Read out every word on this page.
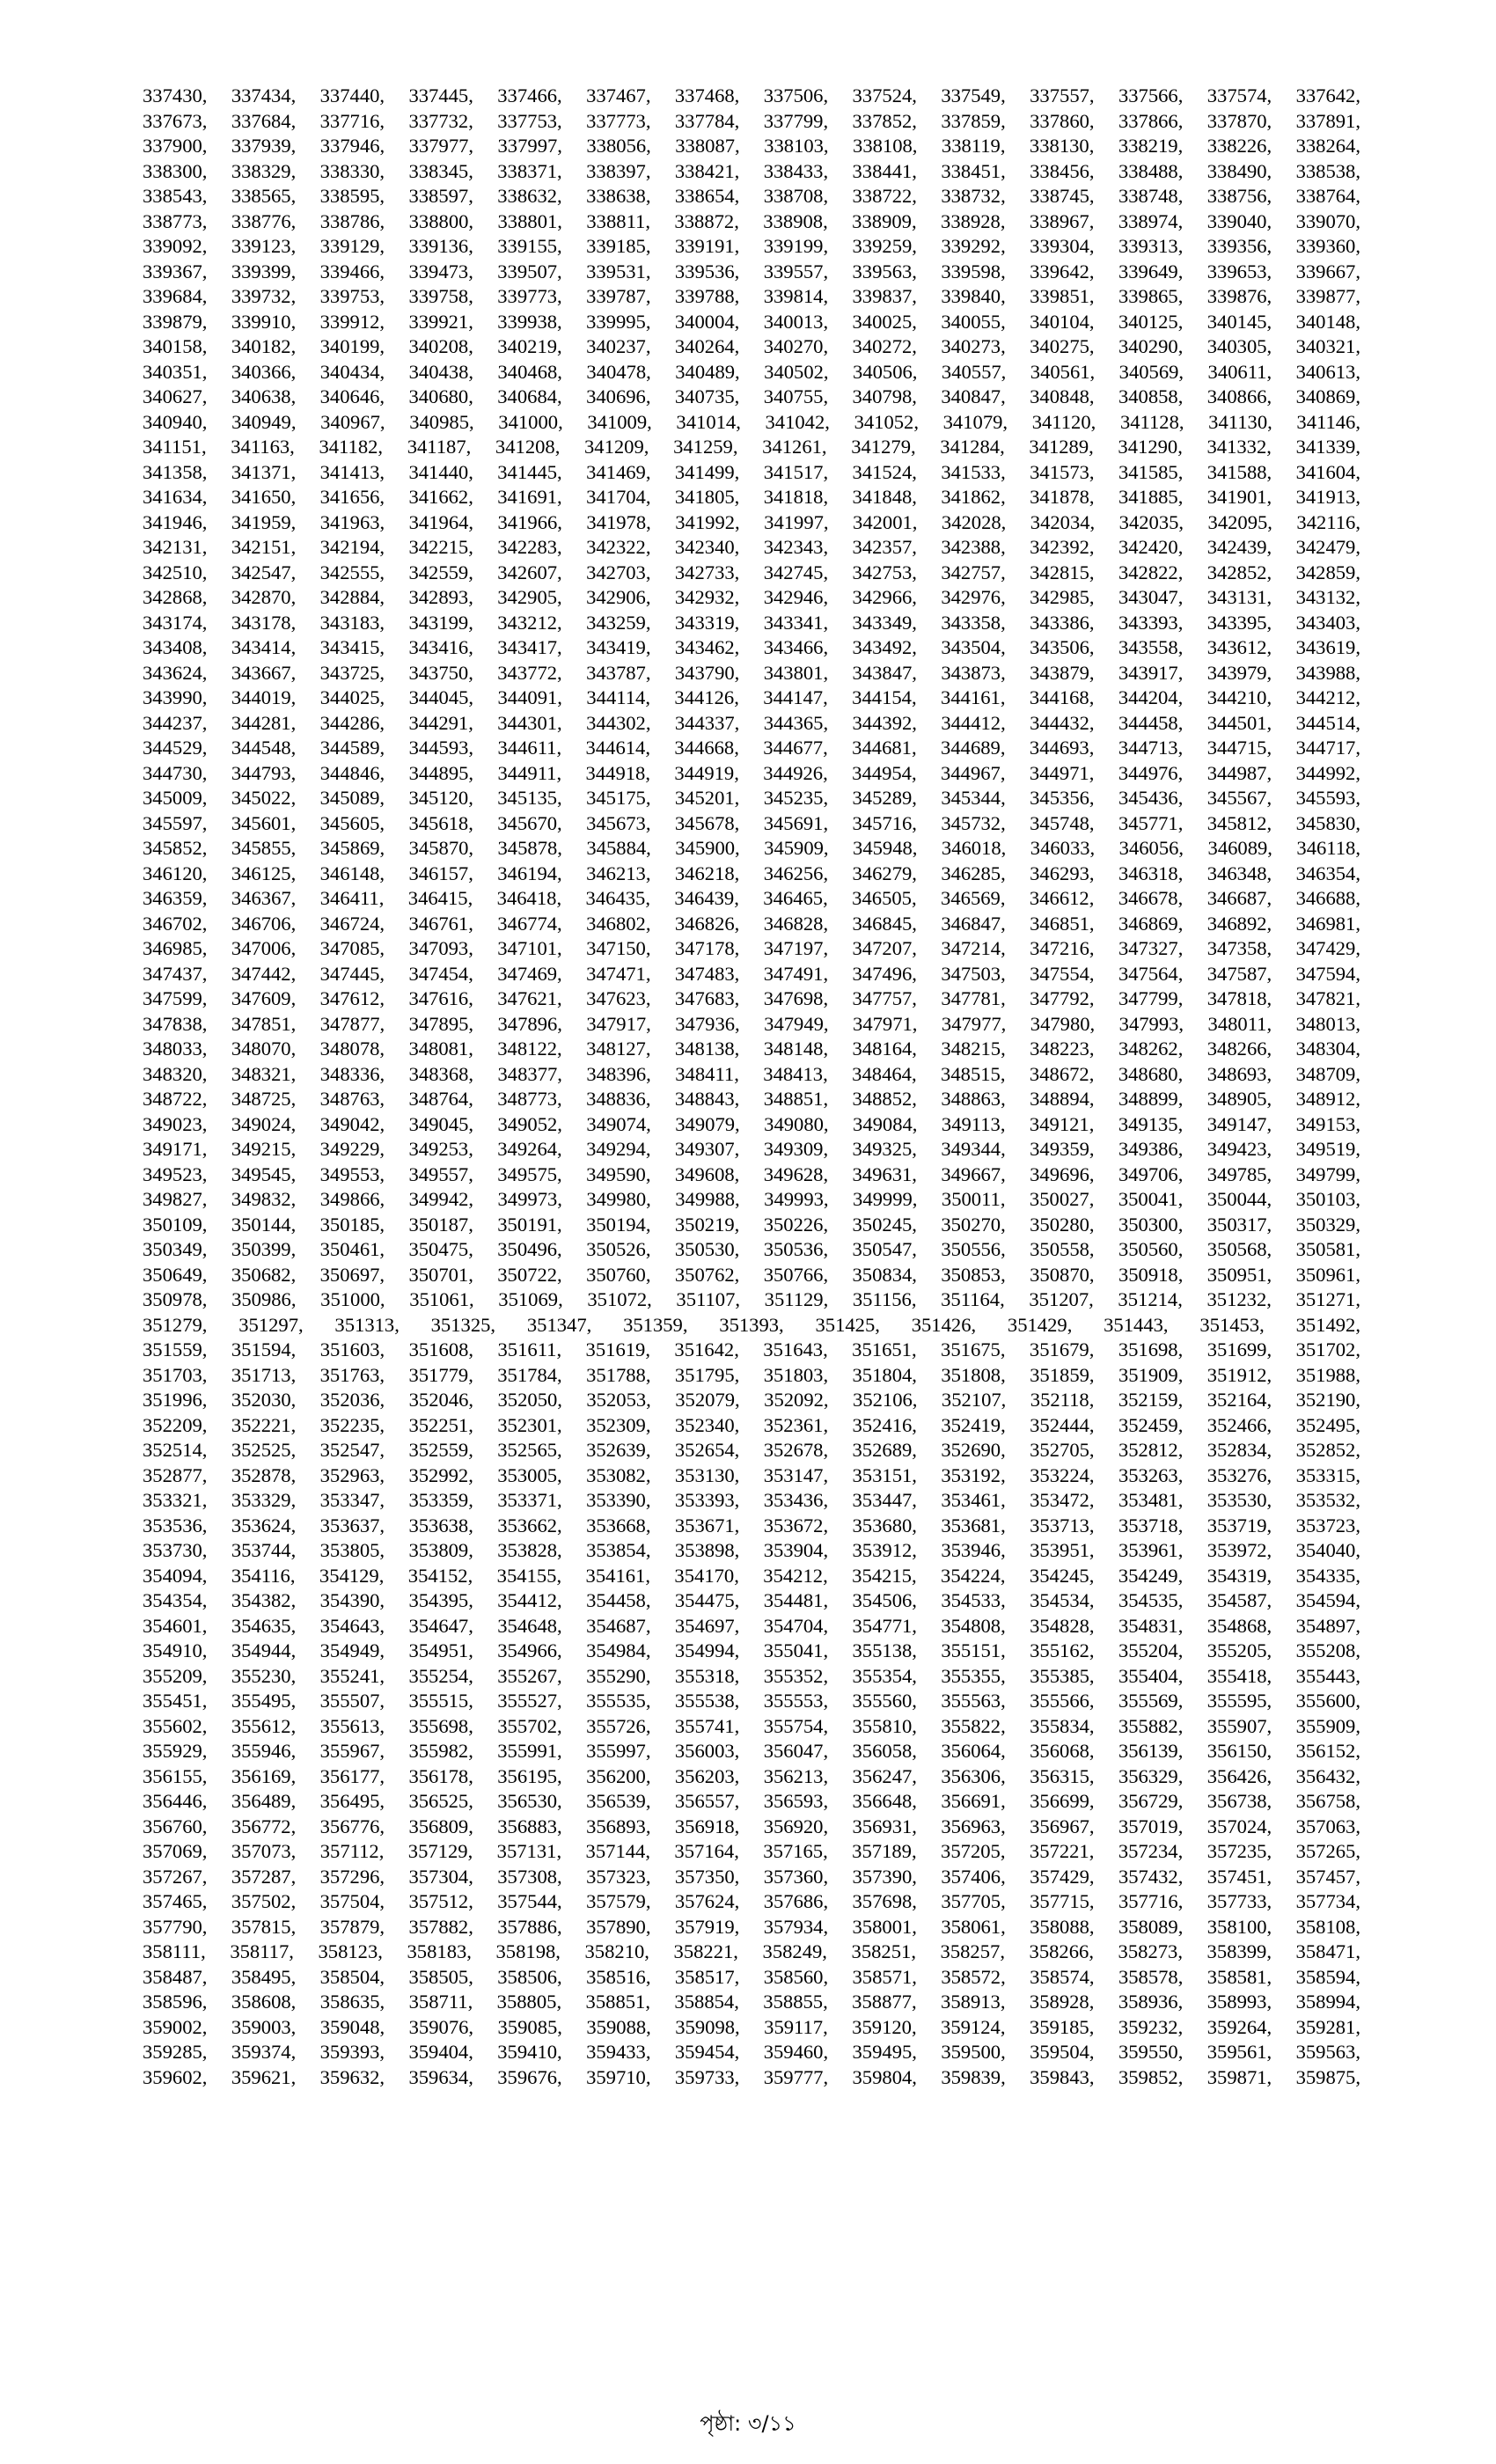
337430, 337434, 337440, 337445, 337466, 337467, 337468, 337506, 337524, 337549, 337557, 337566, 337574, 337642,
337673, 337684, 337716, 337732, 337753, 337773, 337784, 337799, 337852, 337859, 337860, 337866, 337870, 337891,
337900, 337939, 337946, 337977, 337997, 338056, 338087, 338103, 338108, 338119, 338130, 338219, 338226, 338264,
338300, 338329, 338330, 338345, 338371, 338397, 338421, 338433, 338441, 338451, 338456, 338488, 338490, 338538,
338543, 338565, 338595, 338597, 338632, 338638, 338654, 338708, 338722, 338732, 338745, 338748, 338756, 338764,
338773, 338776, 338786, 338800, 338801, 338811, 338872, 338908, 338909, 338928, 338967, 338974, 339040, 339070,
339092, 339123, 339129, 339136, 339155, 339185, 339191, 339199, 339259, 339292, 339304, 339313, 339356, 339360,
339367, 339399, 339466, 339473, 339507, 339531, 339536, 339557, 339563, 339598, 339642, 339649, 339653, 339667,
339684, 339732, 339753, 339758, 339773, 339787, 339788, 339814, 339837, 339840, 339851, 339865, 339876, 339877,
339879, 339910, 339912, 339921, 339938, 339995, 340004, 340013, 340025, 340055, 340104, 340125, 340145, 340148,
340158, 340182, 340199, 340208, 340219, 340237, 340264, 340270, 340272, 340273, 340275, 340290, 340305, 340321,
340351, 340366, 340434, 340438, 340468, 340478, 340489, 340502, 340506, 340557, 340561, 340569, 340611, 340613,
340627, 340638, 340646, 340680, 340684, 340696, 340735, 340755, 340798, 340847, 340848, 340858, 340866, 340869,
340940, 340949, 340967, 340985, 341000, 341009, 341014, 341042, 341052, 341079, 341120, 341128, 341130, 341146,
341151, 341163, 341182, 341187, 341208, 341209, 341259, 341261, 341279, 341284, 341289, 341290, 341332, 341339,
341358, 341371, 341413, 341440, 341445, 341469, 341499, 341517, 341524, 341533, 341573, 341585, 341588, 341604,
341634, 341650, 341656, 341662, 341691, 341704, 341805, 341818, 341848, 341862, 341878, 341885, 341901, 341913,
341946, 341959, 341963, 341964, 341966, 341978, 341992, 341997, 342001, 342028, 342034, 342035, 342095, 342116,
342131, 342151, 342194, 342215, 342283, 342322, 342340, 342343, 342357, 342388, 342392, 342420, 342439, 342479,
342510, 342547, 342555, 342559, 342607, 342703, 342733, 342745, 342753, 342757, 342815, 342822, 342852, 342859,
342868, 342870, 342884, 342893, 342905, 342906, 342932, 342946, 342966, 342976, 342985, 343047, 343131, 343132,
343174, 343178, 343183, 343199, 343212, 343259, 343319, 343341, 343349, 343358, 343386, 343393, 343395, 343403,
343408, 343414, 343415, 343416, 343417, 343419, 343462, 343466, 343492, 343504, 343506, 343558, 343612, 343619,
343624, 343667, 343725, 343750, 343772, 343787, 343790, 343801, 343847, 343873, 343879, 343917, 343979, 343988,
343990, 344019, 344025, 344045, 344091, 344114, 344126, 344147, 344154, 344161, 344168, 344204, 344210, 344212,
344237, 344281, 344286, 344291, 344301, 344302, 344337, 344365, 344392, 344412, 344432, 344458, 344501, 344514,
344529, 344548, 344589, 344593, 344611, 344614, 344668, 344677, 344681, 344689, 344693, 344713, 344715, 344717,
344730, 344793, 344846, 344895, 344911, 344918, 344919, 344926, 344954, 344967, 344971, 344976, 344987, 344992,
345009, 345022, 345089, 345120, 345135, 345175, 345201, 345235, 345289, 345344, 345356, 345436, 345567, 345593,
345597, 345601, 345605, 345618, 345670, 345673, 345678, 345691, 345716, 345732, 345748, 345771, 345812, 345830,
345852, 345855, 345869, 345870, 345878, 345884, 345900, 345909, 345948, 346018, 346033, 346056, 346089, 346118,
346120, 346125, 346148, 346157, 346194, 346213, 346218, 346256, 346279, 346285, 346293, 346318, 346348, 346354,
346359, 346367, 346411, 346415, 346418, 346435, 346439, 346465, 346505, 346569, 346612, 346678, 346687, 346688,
346702, 346706, 346724, 346761, 346774, 346802, 346826, 346828, 346845, 346847, 346851, 346869, 346892, 346981,
346985, 347006, 347085, 347093, 347101, 347150, 347178, 347197, 347207, 347214, 347216, 347327, 347358, 347429,
347437, 347442, 347445, 347454, 347469, 347471, 347483, 347491, 347496, 347503, 347554, 347564, 347587, 347594,
347599, 347609, 347612, 347616, 347621, 347623, 347683, 347698, 347757, 347781, 347792, 347799, 347818, 347821,
347838, 347851, 347877, 347895, 347896, 347917, 347936, 347949, 347971, 347977, 347980, 347993, 348011, 348013,
348033, 348070, 348078, 348081, 348122, 348127, 348138, 348148, 348164, 348215, 348223, 348262, 348266, 348304,
348320, 348321, 348336, 348368, 348377, 348396, 348411, 348413, 348464, 348515, 348672, 348680, 348693, 348709,
348722, 348725, 348763, 348764, 348773, 348836, 348843, 348851, 348852, 348863, 348894, 348899, 348905, 348912,
349023, 349024, 349042, 349045, 349052, 349074, 349079, 349080, 349084, 349113, 349121, 349135, 349147, 349153,
349171, 349215, 349229, 349253, 349264, 349294, 349307, 349309, 349325, 349344, 349359, 349386, 349423, 349519,
349523, 349545, 349553, 349557, 349575, 349590, 349608, 349628, 349631, 349667, 349696, 349706, 349785, 349799,
349827, 349832, 349866, 349942, 349973, 349980, 349988, 349993, 349999, 350011, 350027, 350041, 350044, 350103,
350109, 350144, 350185, 350187, 350191, 350194, 350219, 350226, 350245, 350270, 350280, 350300, 350317, 350329,
350349, 350399, 350461, 350475, 350496, 350526, 350530, 350536, 350547, 350556, 350558, 350560, 350568, 350581,
350649, 350682, 350697, 350701, 350722, 350760, 350762, 350766, 350834, 350853, 350870, 350918, 350951, 350961,
350978, 350986, 351000, 351061, 351069, 351072, 351107, 351129, 351156, 351164, 351207, 351214, 351232, 351271,
351279, 351297, 351313, 351325, 351347, 351359, 351393, 351425, 351426, 351429, 351443, 351453, 351492,
351559, 351594, 351603, 351608, 351611, 351619, 351642, 351643, 351651, 351675, 351679, 351698, 351699, 351702,
351703, 351713, 351763, 351779, 351784, 351788, 351795, 351803, 351804, 351808, 351859, 351909, 351912, 351988,
351996, 352030, 352036, 352046, 352050, 352053, 352079, 352092, 352106, 352107, 352118, 352159, 352164, 352190,
352209, 352221, 352235, 352251, 352301, 352309, 352340, 352361, 352416, 352419, 352444, 352459, 352466, 352495,
352514, 352525, 352547, 352559, 352565, 352639, 352654, 352678, 352689, 352690, 352705, 352812, 352834, 352852,
352877, 352878, 352963, 352992, 353005, 353082, 353130, 353147, 353151, 353192, 353224, 353263, 353276, 353315,
353321, 353329, 353347, 353359, 353371, 353390, 353393, 353436, 353447, 353461, 353472, 353481, 353530, 353532,
353536, 353624, 353637, 353638, 353662, 353668, 353671, 353672, 353680, 353681, 353713, 353718, 353719, 353723,
353730, 353744, 353805, 353809, 353828, 353854, 353898, 353904, 353912, 353946, 353951, 353961, 353972, 354040,
354094, 354116, 354129, 354152, 354155, 354161, 354170, 354212, 354215, 354224, 354245, 354249, 354319, 354335,
354354, 354382, 354390, 354395, 354412, 354458, 354475, 354481, 354506, 354533, 354534, 354535, 354587, 354594,
354601, 354635, 354643, 354647, 354648, 354687, 354697, 354704, 354771, 354808, 354828, 354831, 354868, 354897,
354910, 354944, 354949, 354951, 354966, 354984, 354994, 355041, 355138, 355151, 355162, 355204, 355205, 355208,
355209, 355230, 355241, 355254, 355267, 355290, 355318, 355352, 355354, 355355, 355385, 355404, 355418, 355443,
355451, 355495, 355507, 355515, 355527, 355535, 355538, 355553, 355560, 355563, 355566, 355569, 355595, 355600,
355602, 355612, 355613, 355698, 355702, 355726, 355741, 355754, 355810, 355822, 355834, 355882, 355907, 355909,
355929, 355946, 355967, 355982, 355991, 355997, 356003, 356047, 356058, 356064, 356068, 356139, 356150, 356152,
356155, 356169, 356177, 356178, 356195, 356200, 356203, 356213, 356247, 356306, 356315, 356329, 356426, 356432,
356446, 356489, 356495, 356525, 356530, 356539, 356557, 356593, 356648, 356691, 356699, 356729, 356738, 356758,
356760, 356772, 356776, 356809, 356883, 356893, 356918, 356920, 356931, 356963, 356967, 357019, 357024, 357063,
357069, 357073, 357112, 357129, 357131, 357144, 357164, 357165, 357189, 357205, 357221, 357234, 357235, 357265,
357267, 357287, 357296, 357304, 357308, 357323, 357350, 357360, 357390, 357406, 357429, 357432, 357451, 357457,
357465, 357502, 357504, 357512, 357544, 357579, 357624, 357686, 357698, 357705, 357715, 357716, 357733, 357734,
357790, 357815, 357879, 357882, 357886, 357890, 357919, 357934, 358001, 358061, 358088, 358089, 358100, 358108,
358111, 358117, 358123, 358183, 358198, 358210, 358221, 358249, 358251, 358257, 358266, 358273, 358399, 358471,
358487, 358495, 358504, 358505, 358506, 358516, 358517, 358560, 358571, 358572, 358574, 358578, 358581, 358594,
358596, 358608, 358635, 358711, 358805, 358851, 358854, 358855, 358877, 358913, 358928, 358936, 358993, 358994,
359002, 359003, 359048, 359076, 359085, 359088, 359098, 359117, 359120, 359124, 359185, 359232, 359264, 359281,
359285, 359374, 359393, 359404, 359410, 359433, 359454, 359460, 359495, 359500, 359504, 359550, 359561, 359563,
359602, 359621, 359632, 359634, 359676, 359710, 359733, 359777, 359804, 359839, 359843, 359852, 359871, 359875,
পৃষ্ঠা: ৩/১১
